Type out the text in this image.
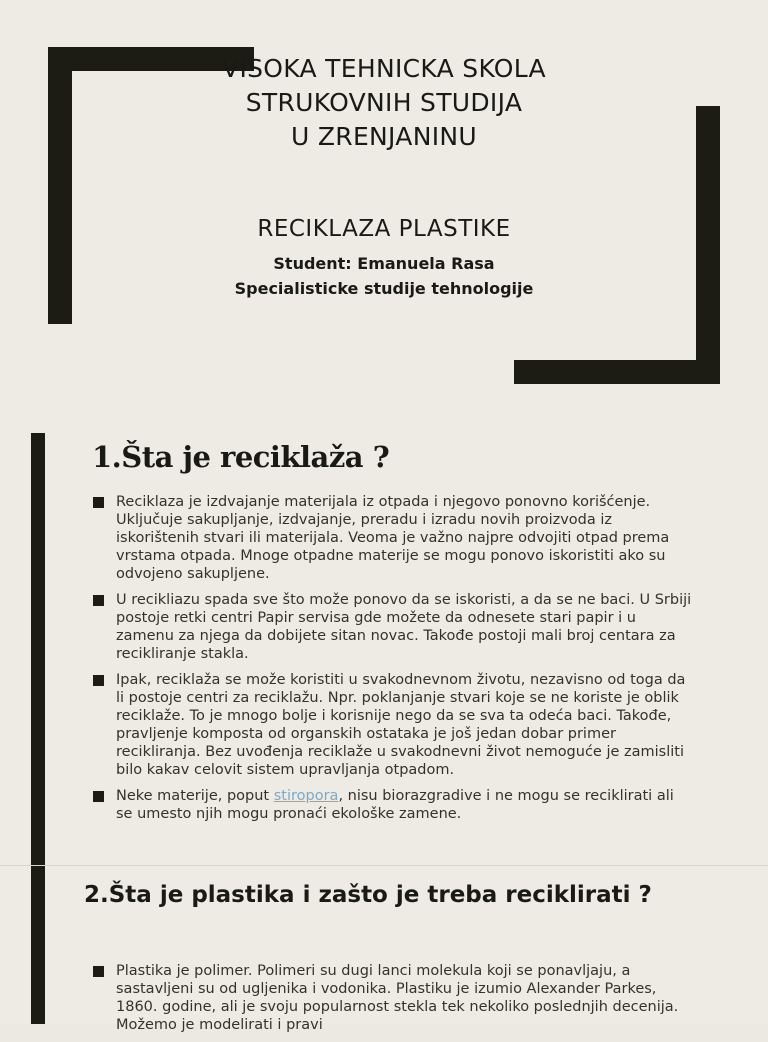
VISOKA TEHNICKA SKOLA
STRUKOVNIH STUDIJA
U ZRENJANINU
RECIKLAZA PLASTIKE
Student: Emanuela Rasa
Specialisticke studije tehnologije
1.Šta je reciklaža ?
Reciklaza je izdvajanje materijala iz otpada i njegovo ponovno korišćenje. Uključuje sakupljanje, izdvajanje, preradu i izradu novih proizvoda iz iskorištenih stvari ili materijala. Veoma je važno najpre odvojiti otpad prema vrstama otpada. Mnoge otpadne materije se mogu ponovo iskoristiti ako su odvojeno sakupljene.
U recikliazu spada sve što može ponovo da se iskoristi, a da se ne baci. U Srbiji postoje retki centri Papir servisa gde možete da odnesete stari papir i u zamenu za njega da dobijete sitan novac. Takođe postoji mali broj centara za recikliranje stakla.
Ipak, reciklaža se može koristiti u svakodnevnom životu, nezavisno od toga da li postoje centri za reciklažu. Npr. poklanjanje stvari koje se ne koriste je oblik reciklaže. To je mnogo bolje i korisnije nego da se sva ta odeća baci. Takođe, pravljenje komposta od organskih ostataka je još jedan dobar primer recikliranja. Bez uvođenja reciklaže u svakodnevni život nemoguće je zamisliti bilo kakav celovit sistem upravljanja otpadom.
Neke materije, poput stiropora, nisu biorazgradive i ne mogu se reciklirati ali se umesto njih mogu pronaći ekološke zamene.
2.Šta je plastika i zašto je treba reciklirati ?
Plastika je polimer. Polimeri su dugi lanci molekula koji se ponavljaju, a sastavljeni su od ugljenika i vodonika. Plastiku je izumio Alexander Parkes, 1860. godine, ali je svoju popularnost stekla tek nekoliko poslednjih decenija. Možemo je modelirati i pravi
